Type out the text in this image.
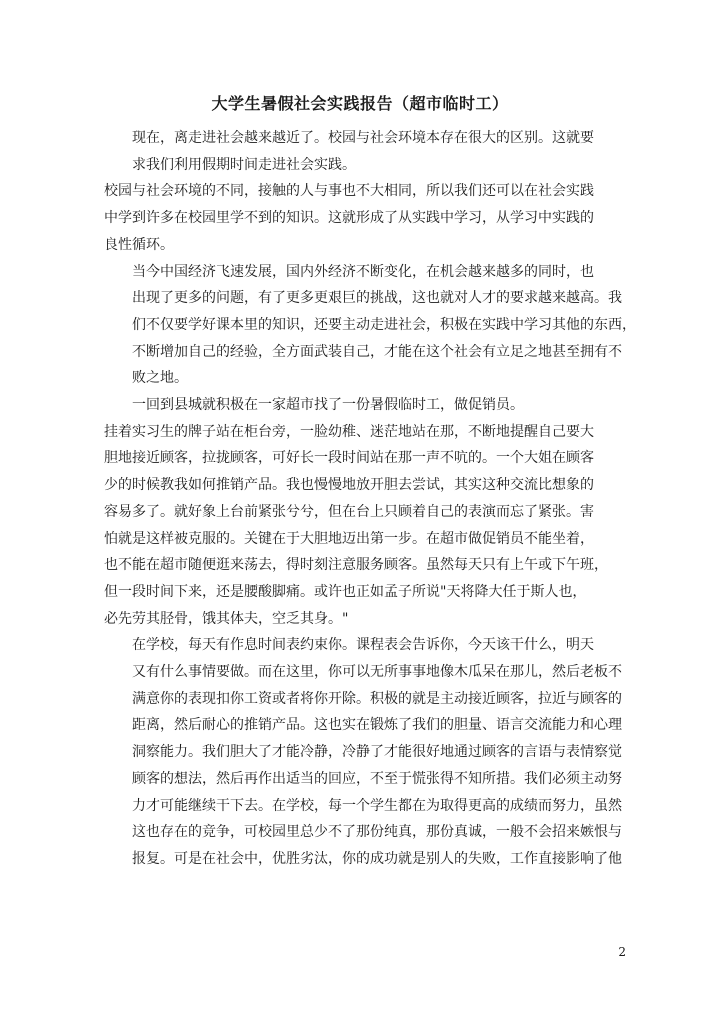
大学生暑假社会实践报告（超市临时工）

现在，离走进社会越来越近了。校园与社会环境本存在很大的区别。这就要
求我们利用假期时间走进社会实践。

校园与社会环境的不同，接触的人与事也不大相同，所以我们还可以在社会实践
中学到许多在校园里学不到的知识。这就形成了从实践中学习，从学习中实践的
良性循环。

当今中国经济飞速发展，国内外经济不断变化，在机会越来越多的同时，也
出现了更多的问题，有了更多更艰巨的挑战，这也就对人才的要求越来越高。我
们不仅要学好课本里的知识，还要主动走进社会，积极在实践中学习其他的东西，
不断增加自己的经验，全方面武装自己，才能在这个社会有立足之地甚至拥有不
败之地。

一回到县城就积极在一家超市找了一份暑假临时工，做促销员。

挂着实习生的牌子站在柜台旁，一脸幼稚、迷茫地站在那，不断地提醒自己要大
胆地接近顾客，拉拢顾客，可好长一段时间站在那一声不吭的。一个大姐在顾客
少的时候教我如何推销产品。我也慢慢地放开胆去尝试，其实这种交流比想象的
容易多了。就好象上台前紧张兮兮，但在台上只顾着自己的表演而忘了紧张。害
怕就是这样被克服的。关键在于大胆地迈出第一步。在超市做促销员不能坐着，
也不能在超市随便逛来荡去，得时刻注意服务顾客。虽然每天只有上午或下午班，
但一段时间下来，还是腰酸脚痛。或许也正如孟子所说"天将降大任于斯人也，
必先劳其胫骨，饿其体夫，空乏其身。"

在学校，每天有作息时间表约束你。课程表会告诉你，今天该干什么，明天
又有什么事情要做。而在这里，你可以无所事事地像木瓜呆在那儿，然后老板不
满意你的表现扣你工资或者将你开除。积极的就是主动接近顾客，拉近与顾客的
距离，然后耐心的推销产品。这也实在锻炼了我们的胆量、语言交流能力和心理
洞察能力。我们胆大了才能冷静，冷静了才能很好地通过顾客的言语与表情察觉
顾客的想法，然后再作出适当的回应，不至于慌张得不知所措。我们必须主动努
力才可能继续干下去。在学校，每一个学生都在为取得更高的成绩而努力，虽然
这也存在的竞争，可校园里总少不了那份纯真，那份真诚，一般不会招来嫉恨与
报复。可是在社会中，优胜劣汰，你的成功就是别人的失败，工作直接影响了他

2
